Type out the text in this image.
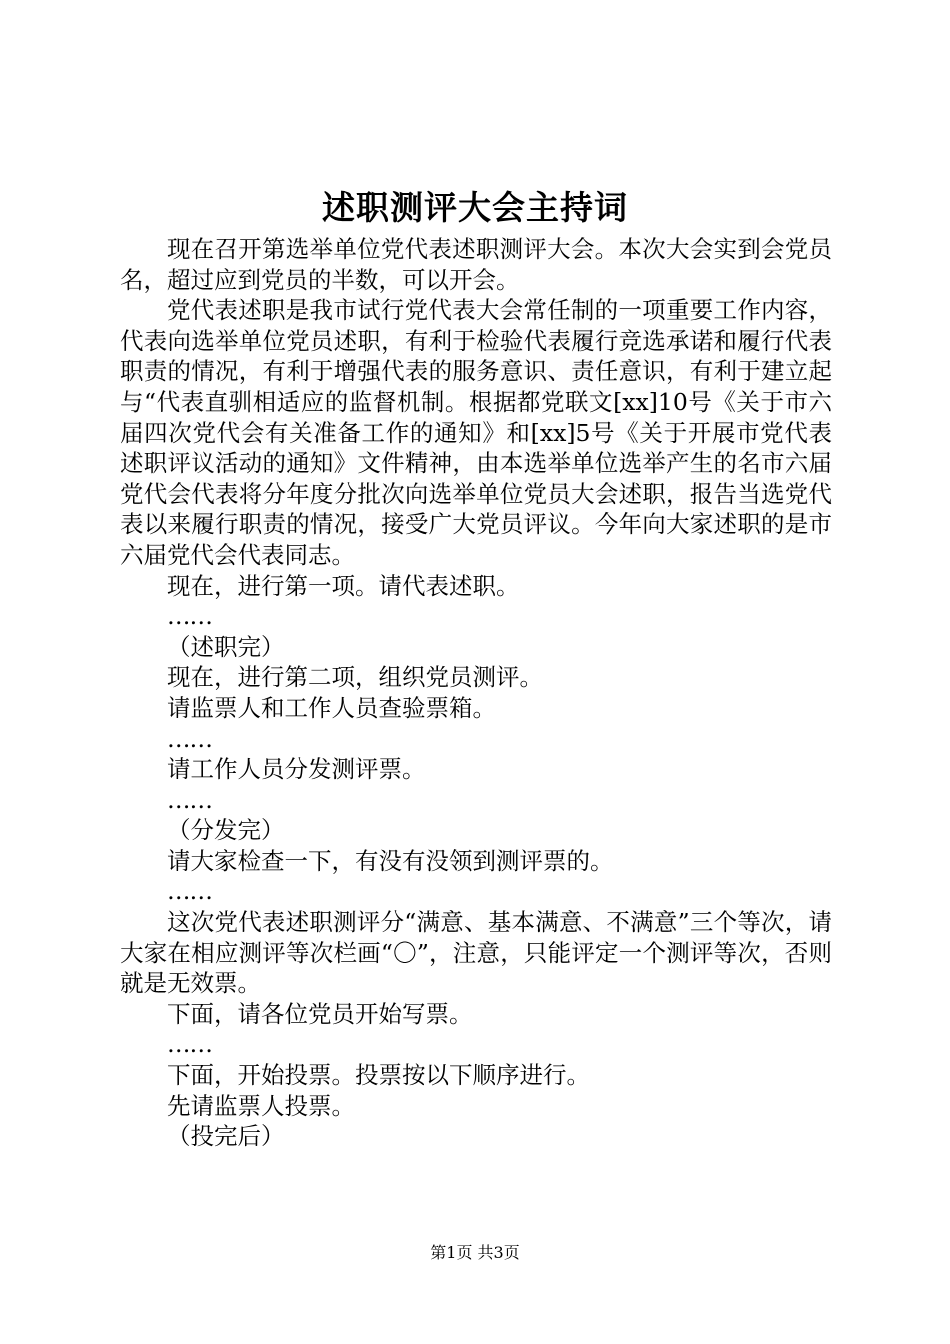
述职测评大会主持词

现在召开第选举单位党代表述职测评大会。本次大会实到会党员名，超过应到党员的半数，可以开会。

党代表述职是我市试行党代表大会常任制的一项重要工作内容，代表向选举单位党员述职，有利于检验代表履行竞选承诺和履行代表职责的情况，有利于增强代表的服务意识、责任意识，有利于建立起与“代表直驯相适应的监督机制。根据都党联文[xx]10号《关于市六届四次党代会有关准备工作的通知》和[xx]5号《关于开展市党代表述职评议活动的通知》文件精神，由本选举单位选举产生的名市六届党代会代表将分年度分批次向选举单位党员大会述职，报告当选党代表以来履行职责的情况，接受广大党员评议。今年向大家述职的是市六届党代会代表同志。

现在，进行第一项。请代表述职。

……

（述职完）

现在，进行第二项，组织党员测评。

请监票人和工作人员查验票箱。

……

请工作人员分发测评票。

……

（分发完）

请大家检查一下，有没有没领到测评票的。

……

这次党代表述职测评分“满意、基本满意、不满意”三个等次，请大家在相应测评等次栏画“〇”，注意，只能评定一个测评等次，否则就是无效票。

下面，请各位党员开始写票。

……

下面，开始投票。投票按以下顺序进行。

先请监票人投票。

（投完后）

第1页 共3页
